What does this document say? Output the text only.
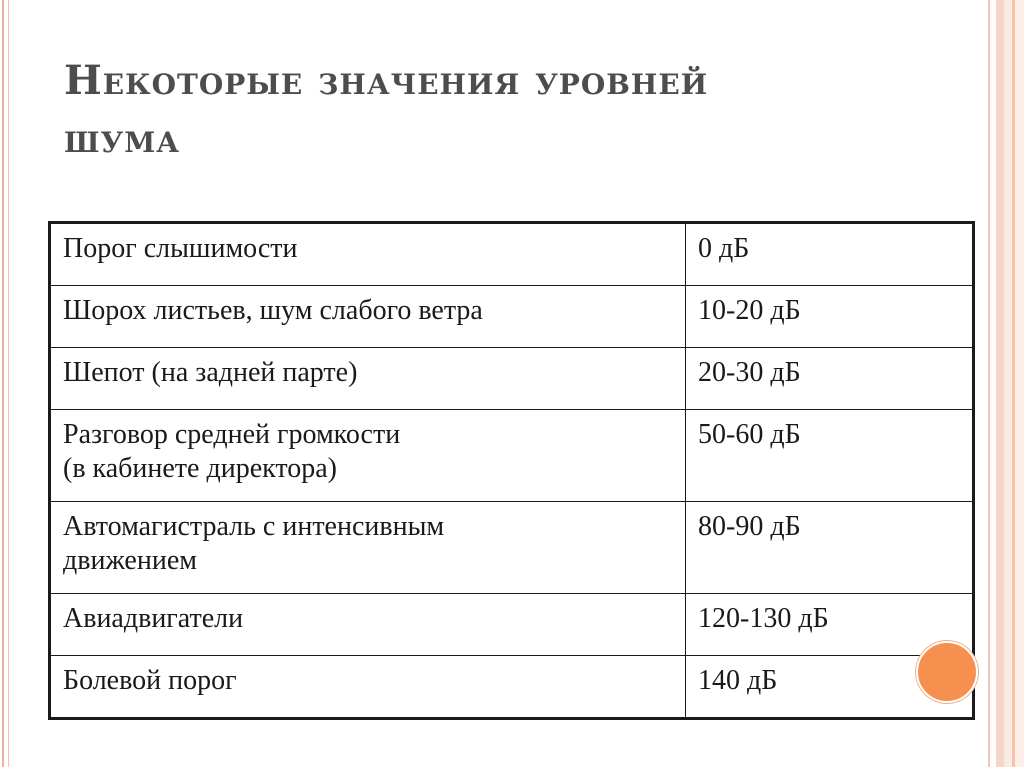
Некоторые значения уровней
шума
Порог слышимости	0 дБ
Шорох листьев, шум слабого ветра	10-20 дБ
Шепот (на задней парте)	20-30 дБ

Разговор средней громкости
(в кабинете директора)	50-60 дБ

Автомагистраль с интенсивным
движением	80-90 дБ
Авиадвигатели	120-130 дБ
Болевой порог	140 дБ
